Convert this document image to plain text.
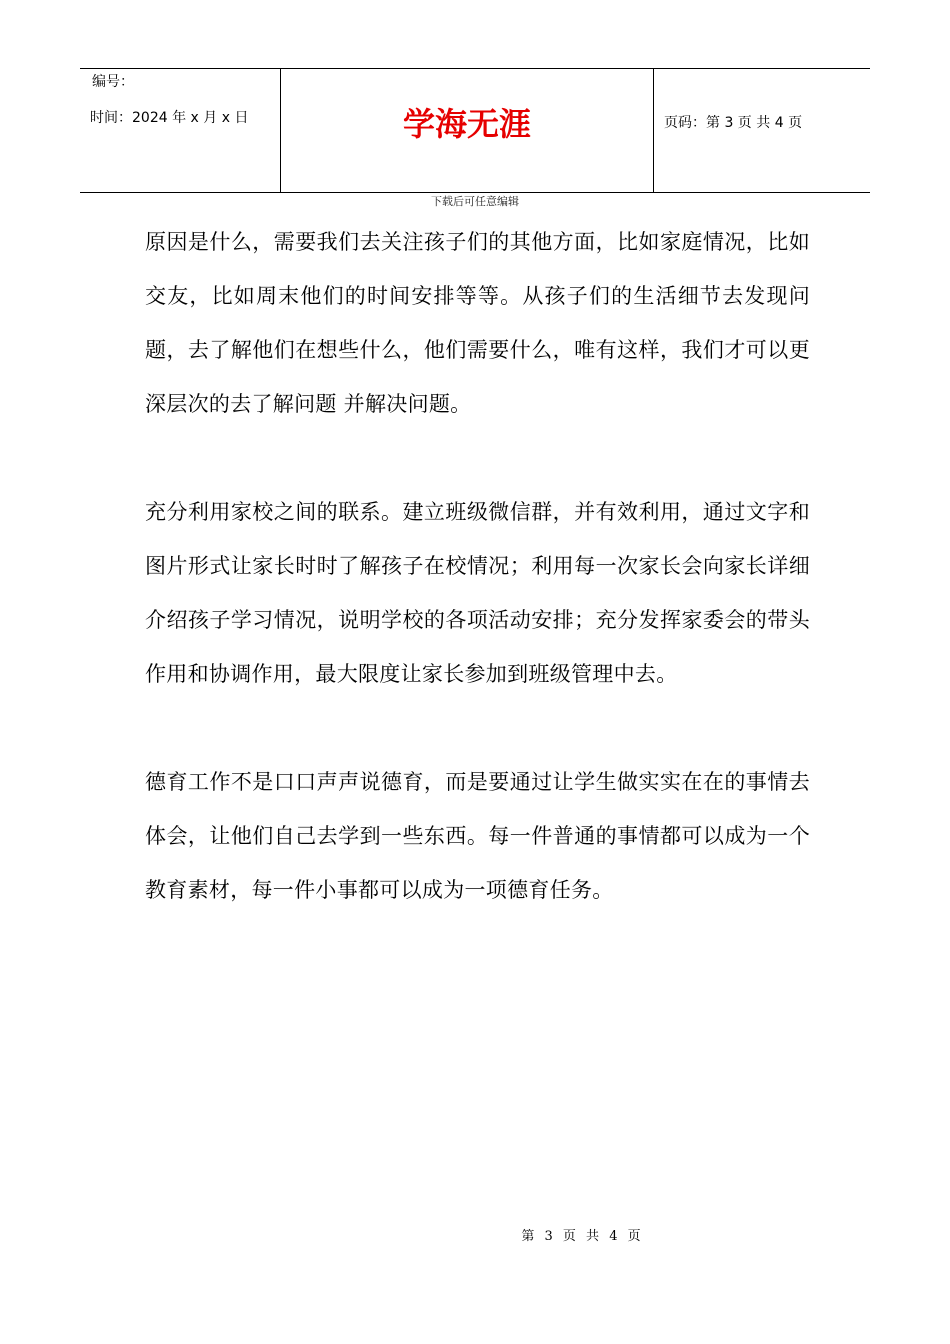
编号：
时间：2024 年 x 月 x 日	学海无涯	页码：第 3 页 共 4 页
下载后可任意编辑

原因是什么，需要我们去关注孩子们的其他方面，比如家庭情况，比如交友，比如周末他们的时间安排等等。从孩子们的生活细节去发现问题，去了解他们在想些什么，他们需要什么，唯有这样，我们才可以更深层次的去了解问题 并解决问题。

充分利用家校之间的联系。建立班级微信群，并有效利用，通过文字和图片形式让家长时时了解孩子在校情况；利用每一次家长会向家长详细介绍孩子学习情况，说明学校的各项活动安排；充分发挥家委会的带头作用和协调作用，最大限度让家长参加到班级管理中去。

德育工作不是口口声声说德育，而是要通过让学生做实实在在的事情去体会，让他们自己去学到一些东西。每一件普通的事情都可以成为一个教育素材，每一件小事都可以成为一项德育任务。

第 3 页 共 4 页
